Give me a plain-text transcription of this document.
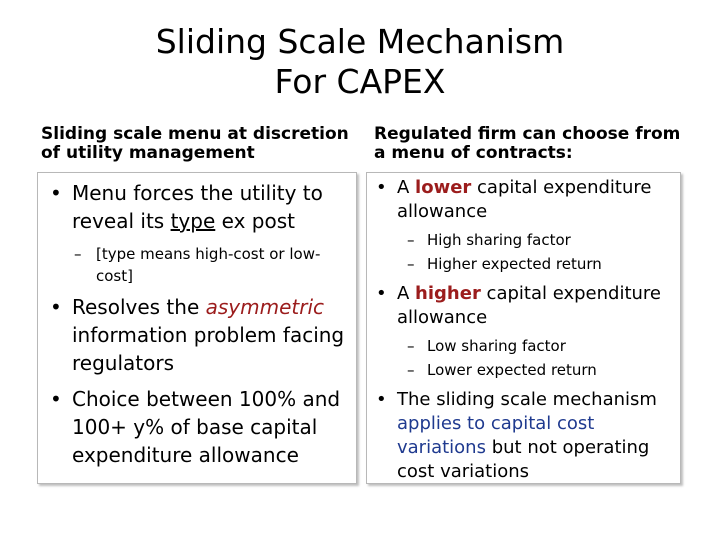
Sliding Scale Mechanism
For CAPEX
Sliding scale menu at discretion of utility management
Regulated firm can choose from a menu of contracts:
• Menu forces the utility to reveal its type ex post
– [type means high-cost or low-cost]
• Resolves the asymmetric information problem facing regulators
• Choice between 100% and 100+ y% of base capital expenditure allowance
• A lower capital expenditure allowance
– High sharing factor
– Higher expected return
• A higher capital expenditure allowance
– Low sharing factor
– Lower expected return
• The sliding scale mechanism applies to capital cost variations but not operating cost variations
